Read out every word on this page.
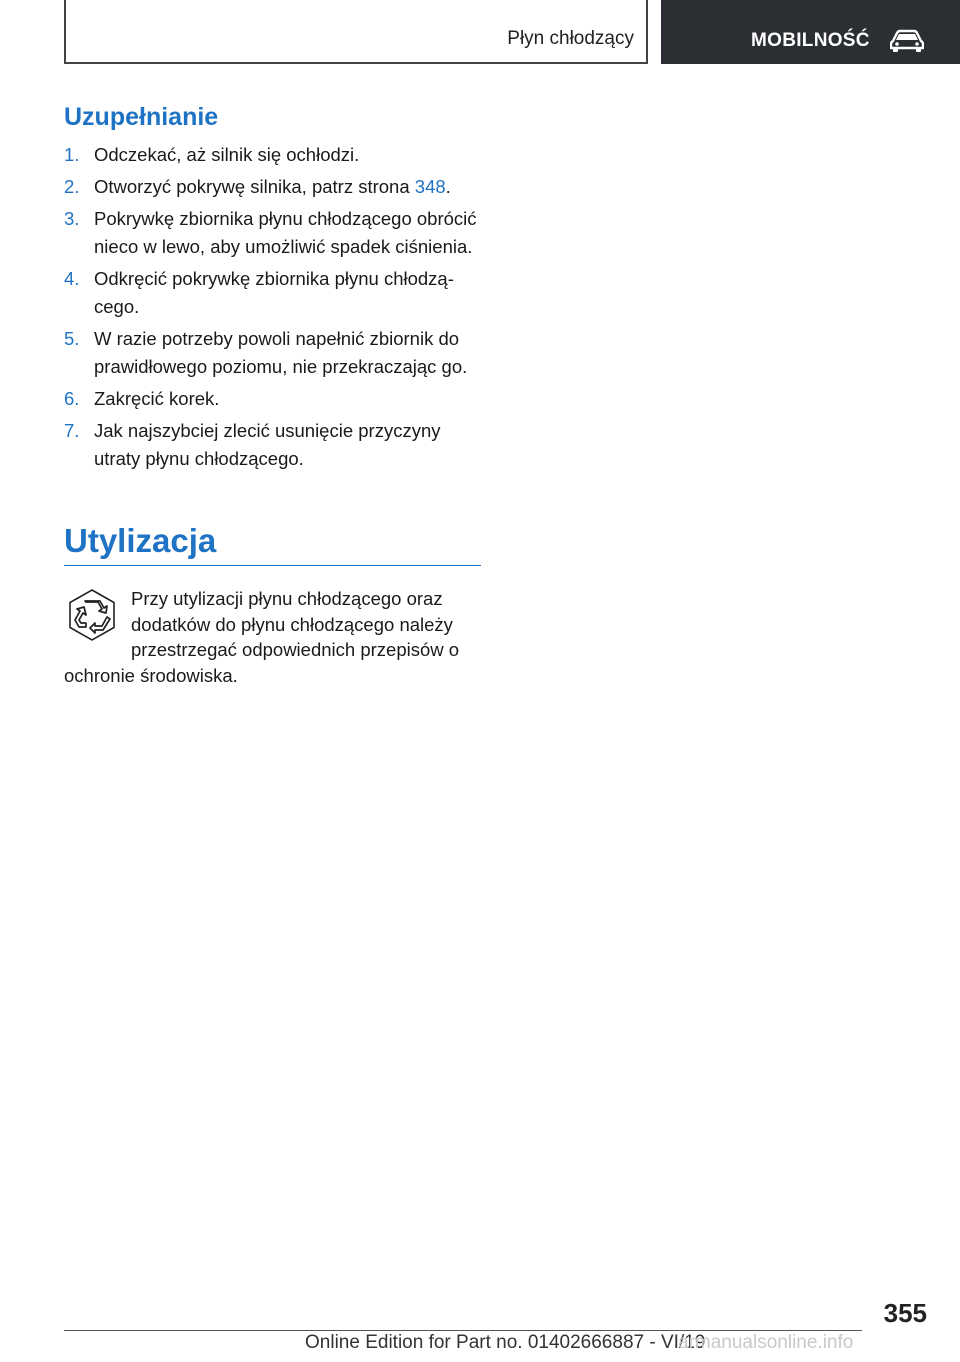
Płyn chłodzący	MOBILNOŚĆ
Uzupełnianie
1. Odczekać, aż silnik się ochłodzi.
2. Otworzyć pokrywę silnika, patrz strona 348.
3. Pokrywkę zbiornika płynu chłodzącego obrócić nieco w lewo, aby umożliwić spadek ciśnienia.
4. Odkręcić pokrywkę zbiornika płynu chłodzącego.
5. W razie potrzeby powoli napełnić zbiornik do prawidłowego poziomu, nie przekraczając go.
6. Zakręcić korek.
7. Jak najszybciej zlecić usunięcie przyczyny utraty płynu chłodzącego.
Utylizacja

Przy utylizacji płynu chłodzącego oraz dodatków do płynu chłodzącego należy przestrzegać odpowiednich przepisów o ochronie środowiska.

355
Online Edition for Part no. 01402666887 - VI/19
armanualsonline.info
